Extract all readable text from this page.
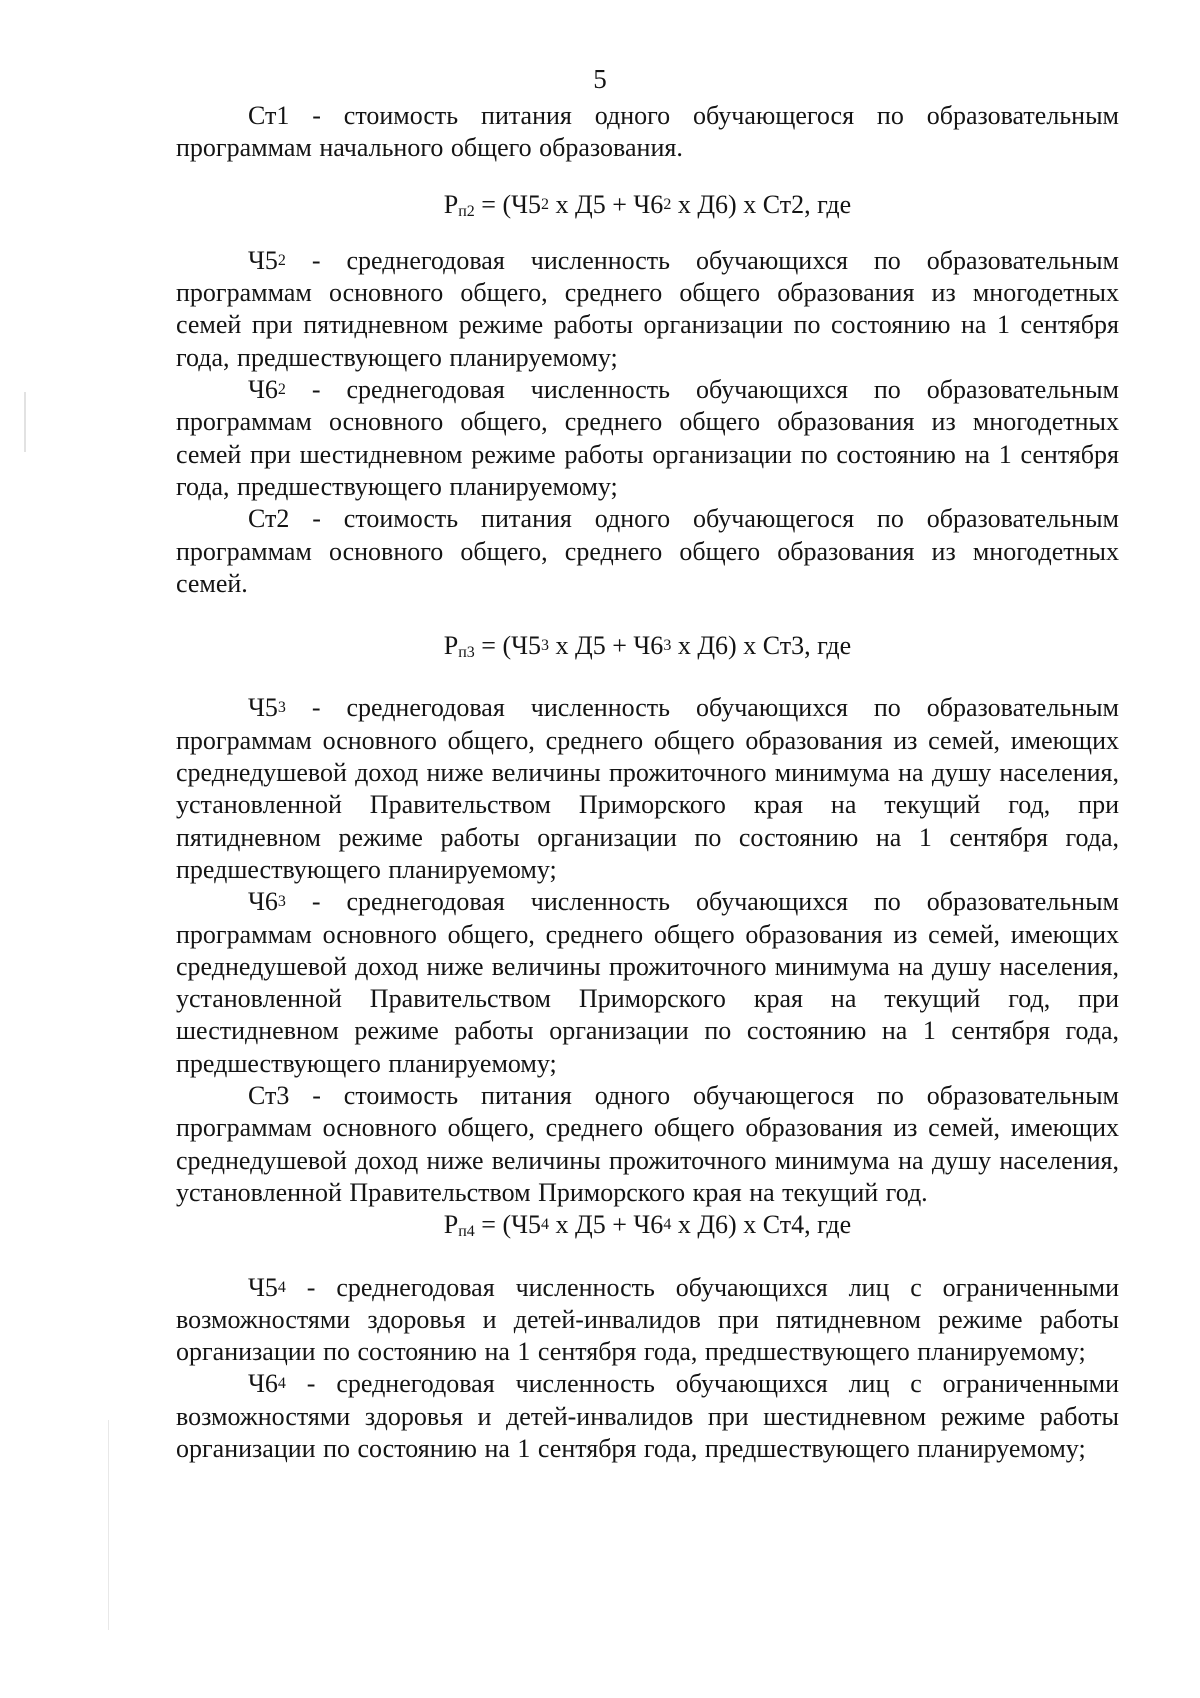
5

Ст1 - стоимость питания одного обучающегося по образовательным программам начального общего образования.

$Р_{п2} = (Ч5^2$ х $Д5 + Ч6^2$ х Д6) х Ст2, где

$Ч5^2$ - среднегодовая численность обучающихся по образовательным программам основного общего, среднего общего образования из многодетных семей при пятидневном режиме работы организации по состоянию на 1 сентября года, предшествующего планируемому;

$Ч6^2$ - среднегодовая численность обучающихся по образовательным программам основного общего, среднего общего образования из многодетных семей при шестидневном режиме работы организации по состоянию на 1 сентября года, предшествующего планируемому;

Ст2 - стоимость питания одного обучающегося по образовательным программам основного общего, среднего общего образования из многодетных семей.

$Р_{п3} = (Ч5^3$ х $Д5 + Ч6^3$ х Д6) х Ст3, где

$Ч5^3$ - среднегодовая численность обучающихся по образовательным программам основного общего, среднего общего образования из семей, имеющих среднедушевой доход ниже величины прожиточного минимума на душу населения, установленной Правительством Приморского края на текущий год, при пятидневном режиме работы организации по состоянию на 1 сентября года, предшествующего планируемому;

$Ч6^3$ - среднегодовая численность обучающихся по образовательным программам основного общего, среднего общего образования из семей, имеющих среднедушевой доход ниже величины прожиточного минимума на душу населения, установленной Правительством Приморского края на текущий год, при шестидневном режиме работы организации по состоянию на 1 сентября года, предшествующего планируемому;

Ст3 - стоимость питания одного обучающегося по образовательным программам основного общего, среднего общего образования из семей, имеющих среднедушевой доход ниже величины прожиточного минимума на душу населения, установленной Правительством Приморского края на текущий год.

$Р_{п4} = (Ч5^4$ х $Д5 + Ч6^4$ х Д6) х Ст4, где

$Ч5^4$ - среднегодовая численность обучающихся лиц с ограниченными возможностями здоровья и детей-инвалидов при пятидневном режиме работы организации по состоянию на 1 сентября года, предшествующего планируемому;

$Ч6^4$ - среднегодовая численность обучающихся лиц с ограниченными возможностями здоровья и детей-инвалидов при шестидневном режиме работы организации по состоянию на 1 сентября года, предшествующего планируемому;
